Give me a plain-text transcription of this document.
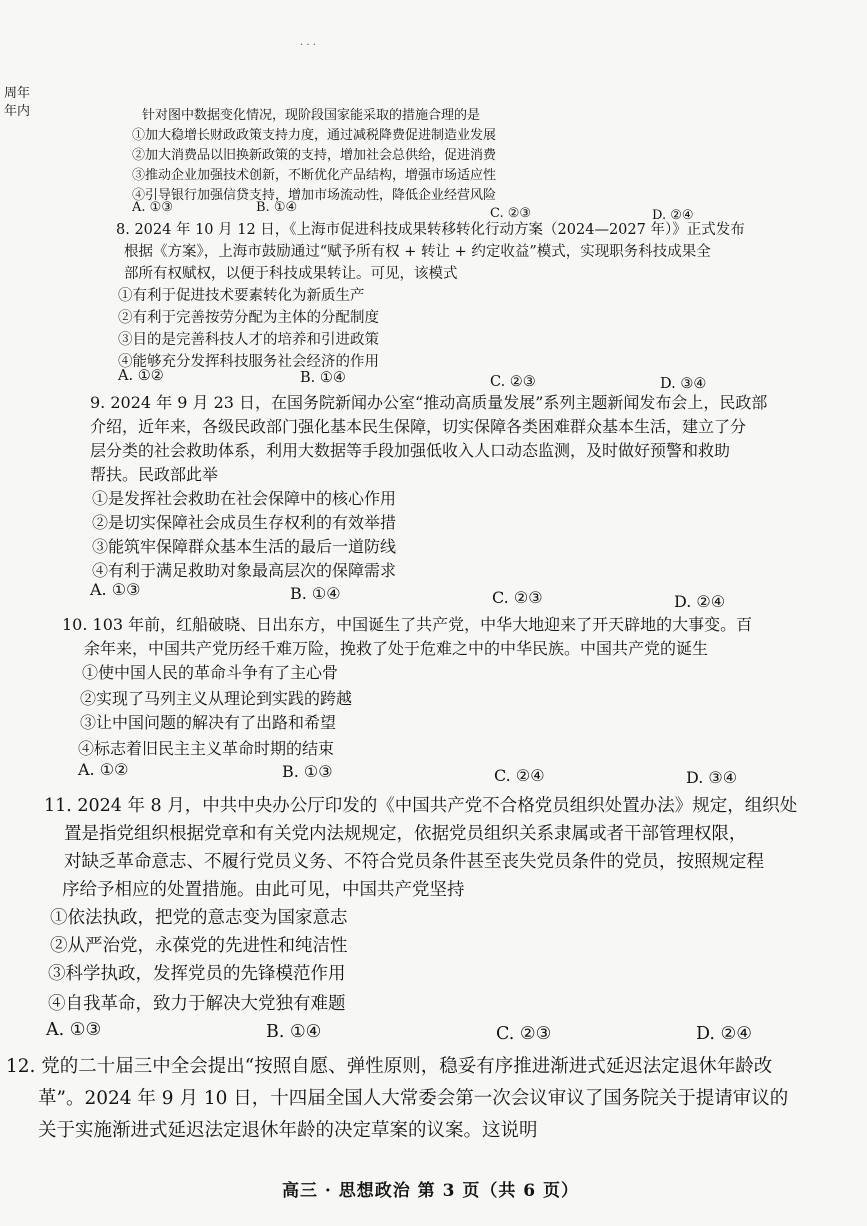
· · ·
周年
年内	针对图中数据变化情况，现阶段国家能采取的措施合理的是
①加大稳增长财政政策支持力度，通过减税降费促进制造业发展
②加大消费品以旧换新政策的支持，增加社会总供给，促进消费
③推动企业加强技术创新，不断优化产品结构，增强市场适应性
④引导银行加强信贷支持，增加市场流动性，降低企业经营风险
A. ①③	B. ①④	C. ②③	D. ②④
8. 2024 年 10 月 12 日，《上海市促进科技成果转移转化行动方案（2024—2027 年）》正式发布
根据《方案》，上海市鼓励通过“赋予所有权 + 转让 + 约定收益”模式，实现职务科技成果全
部所有权赋权，以便于科技成果转让。可见，该模式
①有利于促进技术要素转化为新质生产
②有利于完善按劳分配为主体的分配制度
③目的是完善科技人才的培养和引进政策
④能够充分发挥科技服务社会经济的作用
A. ①②	B. ①④	C. ②③	D. ③④
9. 2024 年 9 月 23 日，在国务院新闻办公室“推动高质量发展”系列主题新闻发布会上，民政部
介绍，近年来，各级民政部门强化基本民生保障，切实保障各类困难群众基本生活，建立了分
层分类的社会救助体系，利用大数据等手段加强低收入人口动态监测，及时做好预警和救助
帮扶。民政部此举
①是发挥社会救助在社会保障中的核心作用
②是切实保障社会成员生存权利的有效举措
③能筑牢保障群众基本生活的最后一道防线
④有利于满足救助对象最高层次的保障需求
A. ①③	B. ①④	C. ②③	D. ②④
10. 103 年前，红船破晓、日出东方，中国诞生了共产党，中华大地迎来了开天辟地的大事变。百
余年来，中国共产党历经千难万险，挽救了处于危难之中的中华民族。中国共产党的诞生
①使中国人民的革命斗争有了主心骨
②实现了马列主义从理论到实践的跨越
③让中国问题的解决有了出路和希望
④标志着旧民主主义革命时期的结束
A. ①②	B. ①③	C. ②④	D. ③④
11. 2024 年 8 月，中共中央办公厅印发的《中国共产党不合格党员组织处置办法》规定，组织处
置是指党组织根据党章和有关党内法规规定，依据党员组织关系隶属或者干部管理权限，
对缺乏革命意志、不履行党员义务、不符合党员条件甚至丧失党员条件的党员，按照规定程
序给予相应的处置措施。由此可见，中国共产党坚持
①依法执政，把党的意志变为国家意志
②从严治党，永葆党的先进性和纯洁性
③科学执政，发挥党员的先锋模范作用
④自我革命，致力于解决大党独有难题
A. ①③	B. ①④	C. ②③	D. ②④
12. 党的二十届三中全会提出“按照自愿、弹性原则，稳妥有序推进渐进式延迟法定退休年龄改
革”。2024 年 9 月 10 日，十四届全国人大常委会第一次会议审议了国务院关于提请审议的
关于实施渐进式延迟法定退休年龄的决定草案的议案。这说明
高三 · 思想政治 第 3 页（共 6 页）
